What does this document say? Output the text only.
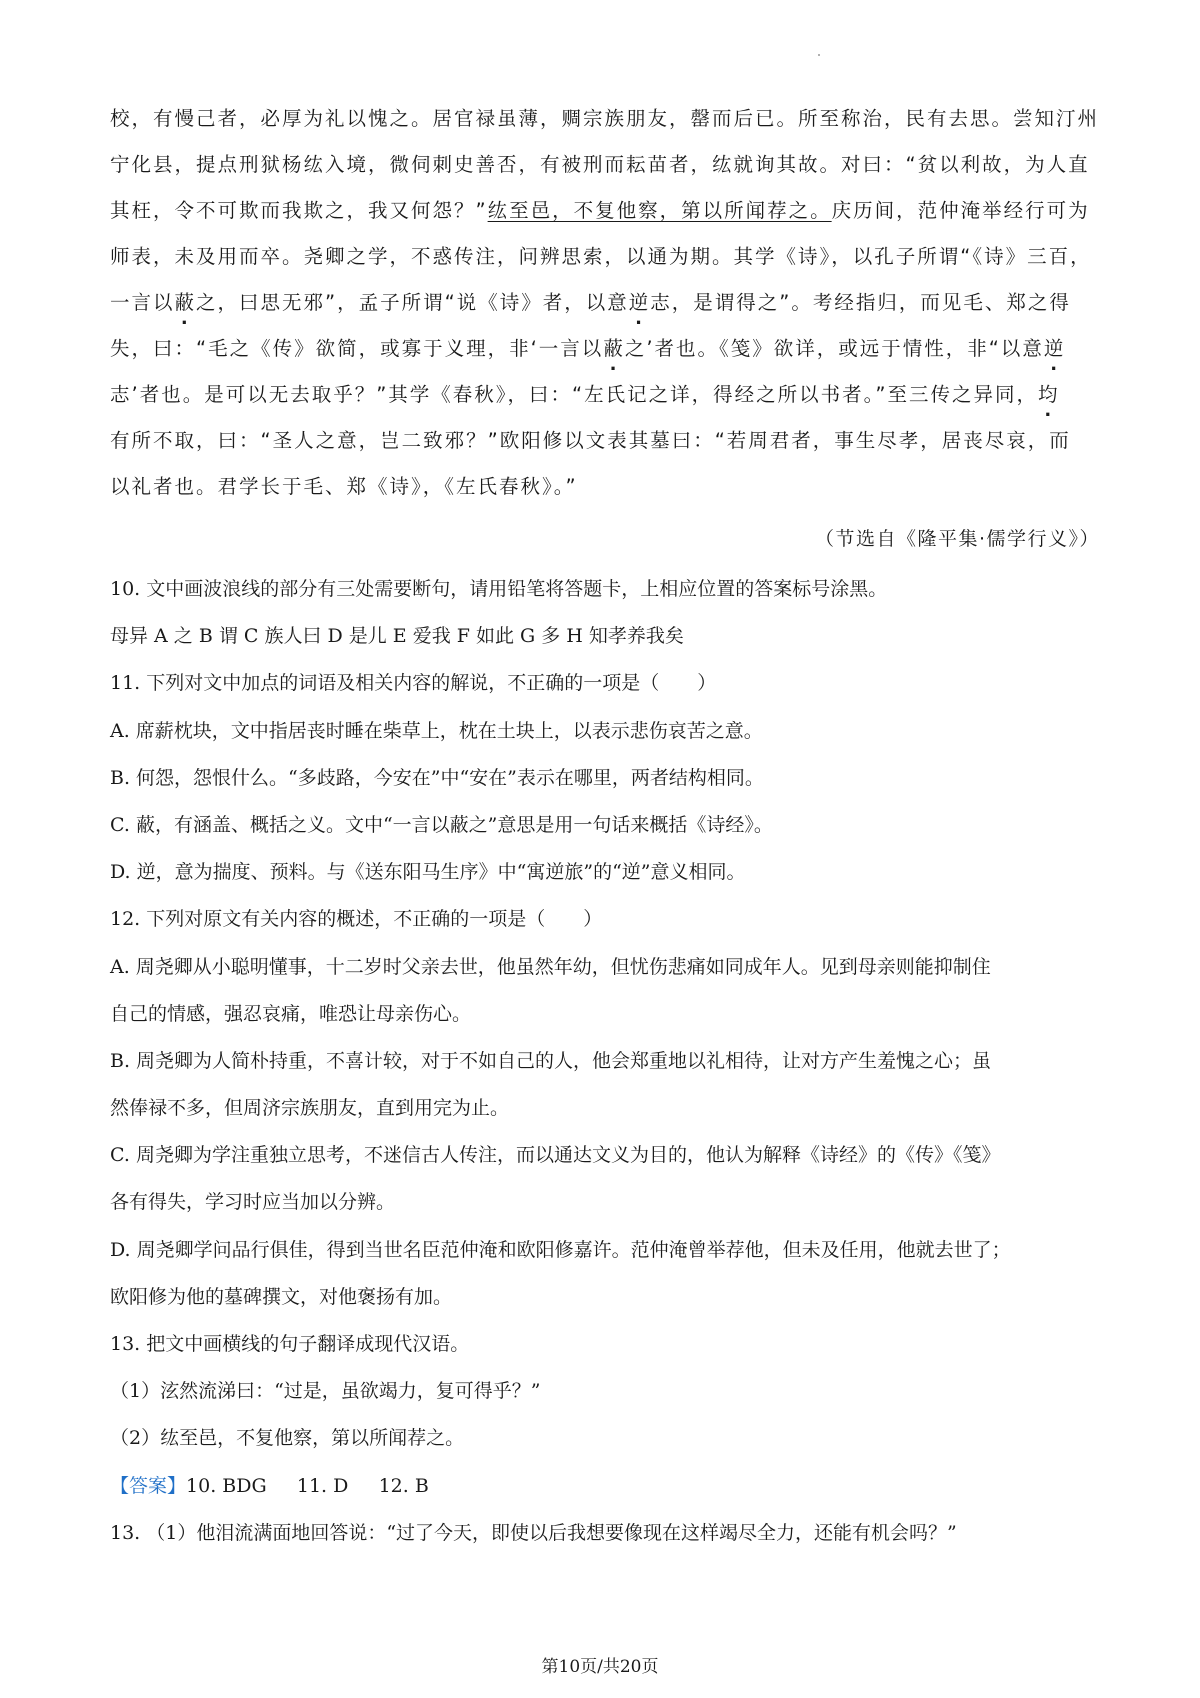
校，有慢己者，必厚为礼以愧之。居官禄虽薄，赒宗族朋友，罄而后已。所至称治，民有去思。尝知汀州
宁化县，提点刑狱杨纮入境，微伺刺史善否，有被刑而耘苗者，纮就询其故。对曰：“贫以利故，为人直
其枉，令不可欺而我欺之，我又何怨？”纮至邑，不复他察，第以所闻荐之。庆历间，范仲淹举经行可为
师表，未及用而卒。尧卿之学，不惑传注，问辨思索，以通为期。其学《诗》，以孔子所谓“《诗》三百，
一言以蔽之，曰思无邪”，孟子所谓“说《诗》者，以意逆志，是谓得之”。考经指归，而见毛、郑之得
失，曰：“毛之《传》欲简，或寡于义理，非‘一言以蔽之’者也。《笺》欲详，或远于情性，非“以意逆
志’者也。是可以无去取乎？”其学《春秋》，曰：“左氏记之详，得经之所以书者。”至三传之异同，均
有所不取，曰：“圣人之意，岂二致邪？”欧阳修以文表其墓曰：“若周君者，事生尽孝，居丧尽哀，而
以礼者也。君学长于毛、郑《诗》，《左氏春秋》。”
（节选自《隆平集·儒学行义》）
10. 文中画波浪线的部分有三处需要断句，请用铅笔将答题卡，上相应位置的答案标号涂黑。
母异 A 之 B 谓 C 族人曰 D 是儿 E 爱我 F 如此 G 多 H 知孝养我矣
11. 下列对文中加点的词语及相关内容的解说，不正确的一项是（　　）
A. 席薪枕块，文中指居丧时睡在柴草上，枕在土块上，以表示悲伤哀苦之意。
B. 何怨，怨恨什么。“多歧路，今安在”中“安在”表示在哪里，两者结构相同。
C. 蔽，有涵盖、概括之义。文中“一言以蔽之”意思是用一句话来概括《诗经》。
D. 逆，意为揣度、预料。与《送东阳马生序》中“寓逆旅”的“逆”意义相同。
12. 下列对原文有关内容的概述，不正确的一项是（　　）
A. 周尧卿从小聪明懂事，十二岁时父亲去世，他虽然年幼，但忧伤悲痛如同成年人。见到母亲则能抑制住
自己的情感，强忍哀痛，唯恐让母亲伤心。
B. 周尧卿为人简朴持重，不喜计较，对于不如自己的人，他会郑重地以礼相待，让对方产生羞愧之心；虽
然俸禄不多，但周济宗族朋友，直到用完为止。
C. 周尧卿为学注重独立思考，不迷信古人传注，而以通达文义为目的，他认为解释《诗经》的《传》《笺》
各有得失，学习时应当加以分辨。
D. 周尧卿学问品行俱佳，得到当世名臣范仲淹和欧阳修嘉许。范仲淹曾举荐他，但未及任用，他就去世了；
欧阳修为他的墓碑撰文，对他褒扬有加。
13. 把文中画横线的句子翻译成现代汉语。
（1）泫然流涕曰：“过是，虽欲竭力，复可得乎？”
（2）纮至邑，不复他察，第以所闻荐之。
【答案】10. BDG 11. D 12. B
13. （1）他泪流满面地回答说：“过了今天，即使以后我想要像现在这样竭尽全力，还能有机会吗？”
第10页/共20页
